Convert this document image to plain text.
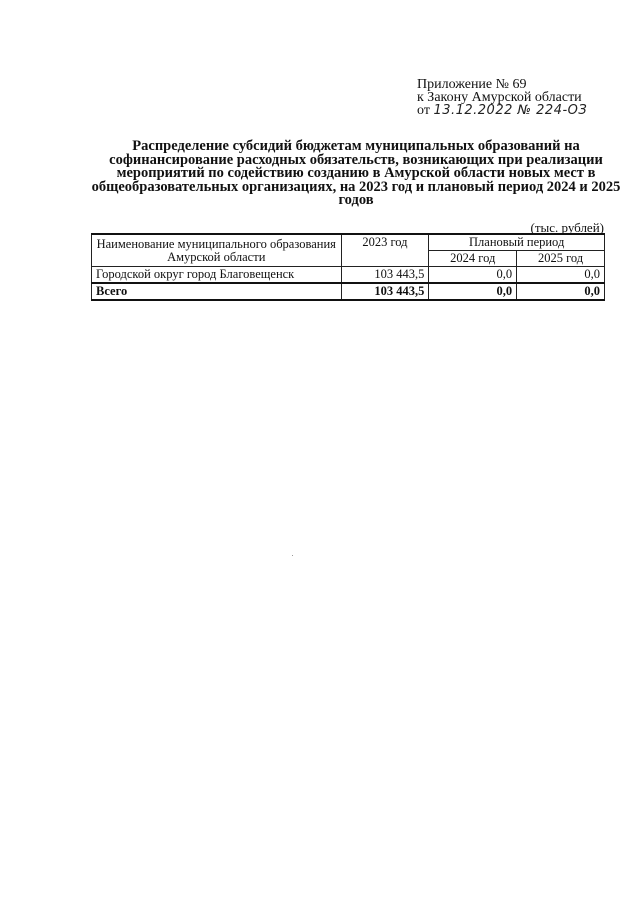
Приложение № 69
к Закону Амурской области
от 13.12.2022 № 224-ОЗ
Распределение субсидий бюджетам муниципальных образований на софинансирование расходных обязательств, возникающих при реализации мероприятий по содействию созданию в Амурской области новых мест в общеобразовательных организациях, на 2023 год и плановый период 2024 и 2025 годов
(тыс. рублей)
Наименование муниципального образования Амурской области	2023 год	Плановый период	
		2024 год	2025 год
Городской округ город Благовещенск	103 443,5	0,0	0,0
Всего	103 443,5	0,0	0,0
